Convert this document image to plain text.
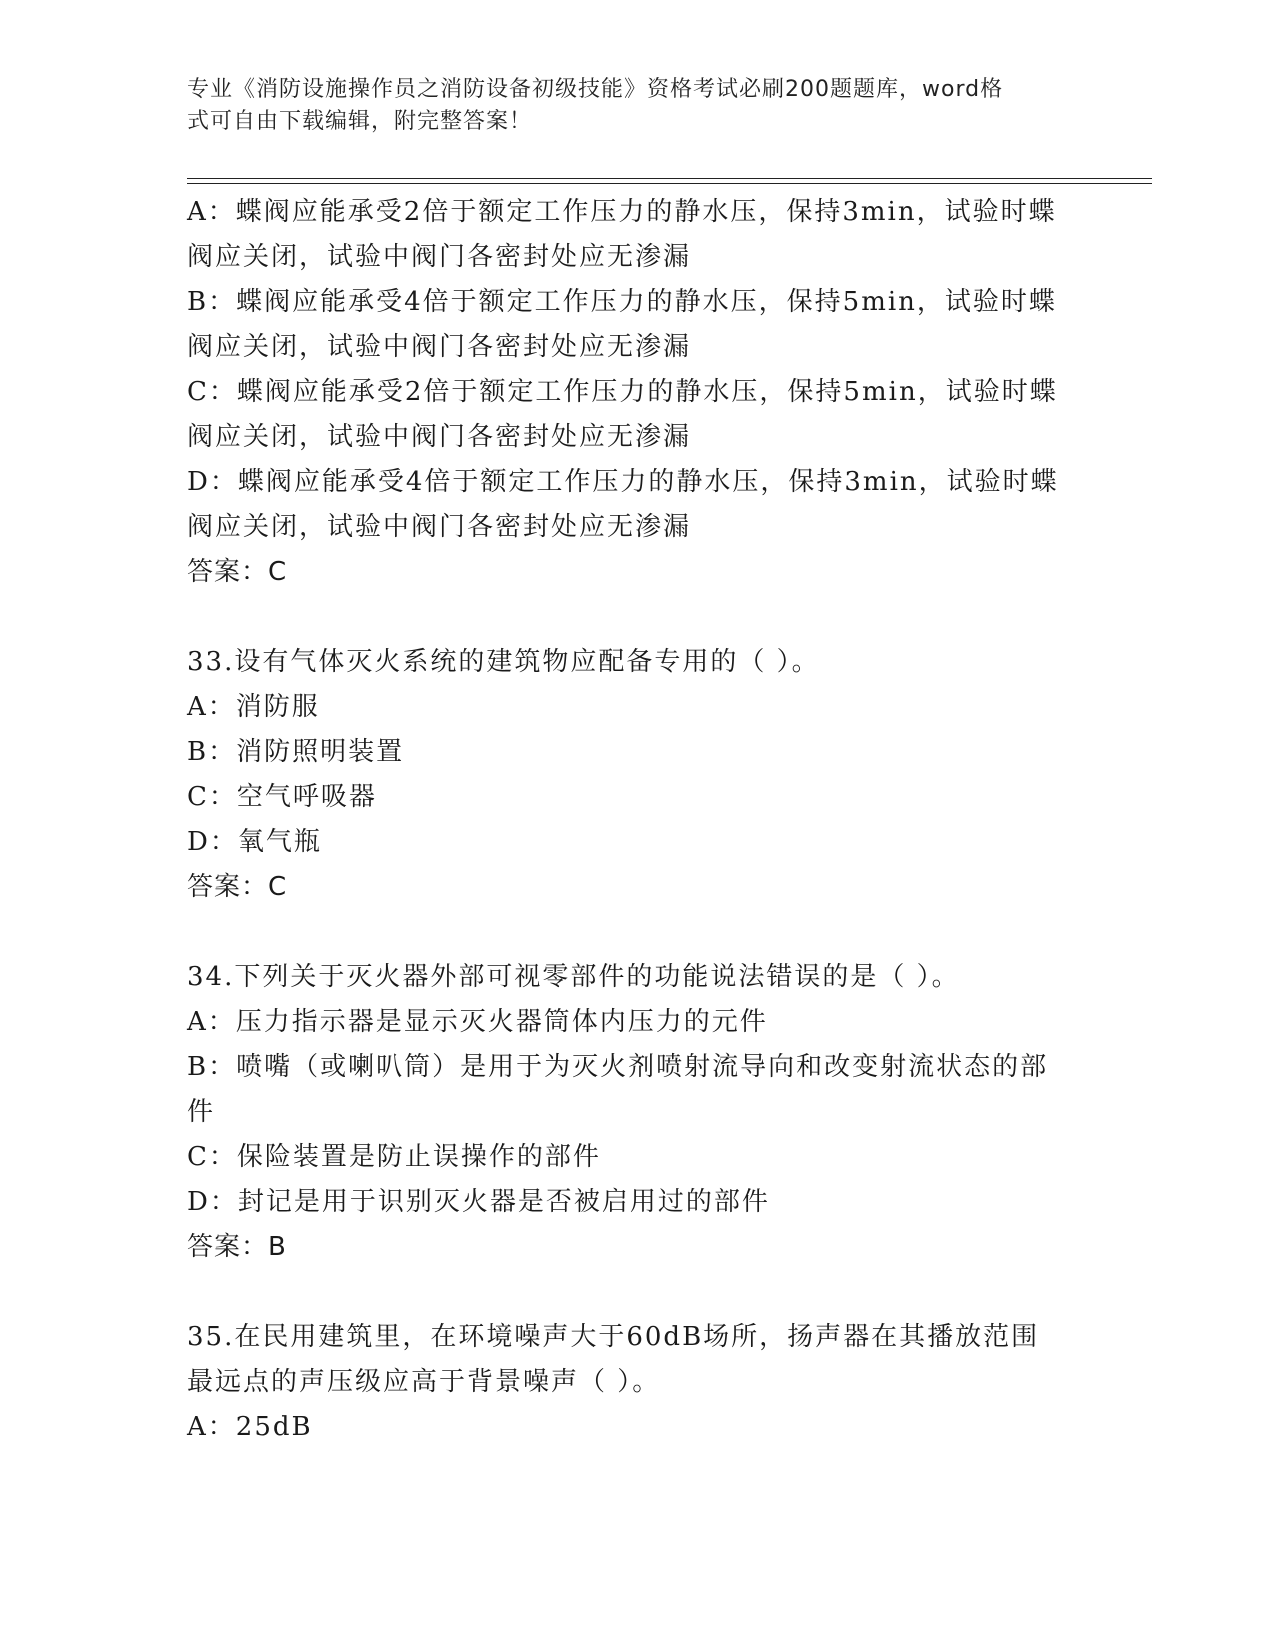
专业《消防设施操作员之消防设备初级技能》资格考试必刷200题题库，word格
式可自由下载编辑，附完整答案！
A：蝶阀应能承受2倍于额定工作压力的静水压，保持3min，试验时蝶
阀应关闭，试验中阀门各密封处应无渗漏
B：蝶阀应能承受4倍于额定工作压力的静水压，保持5min，试验时蝶
阀应关闭，试验中阀门各密封处应无渗漏
C：蝶阀应能承受2倍于额定工作压力的静水压，保持5min，试验时蝶
阀应关闭，试验中阀门各密封处应无渗漏
D：蝶阀应能承受4倍于额定工作压力的静水压，保持3min，试验时蝶
阀应关闭，试验中阀门各密封处应无渗漏
答案：C
33.设有气体灭火系统的建筑物应配备专用的（ ）。
A：消防服
B：消防照明装置
C：空气呼吸器
D：氧气瓶
答案：C
34.下列关于灭火器外部可视零部件的功能说法错误的是（ ）。
A：压力指示器是显示灭火器筒体内压力的元件
B：喷嘴（或喇叭筒）是用于为灭火剂喷射流导向和改变射流状态的部
件
C：保险装置是防止误操作的部件
D：封记是用于识别灭火器是否被启用过的部件
答案：B
35.在民用建筑里，在环境噪声大于60dB场所，扬声器在其播放范围
最远点的声压级应高于背景噪声（ ）。
A：25dB
